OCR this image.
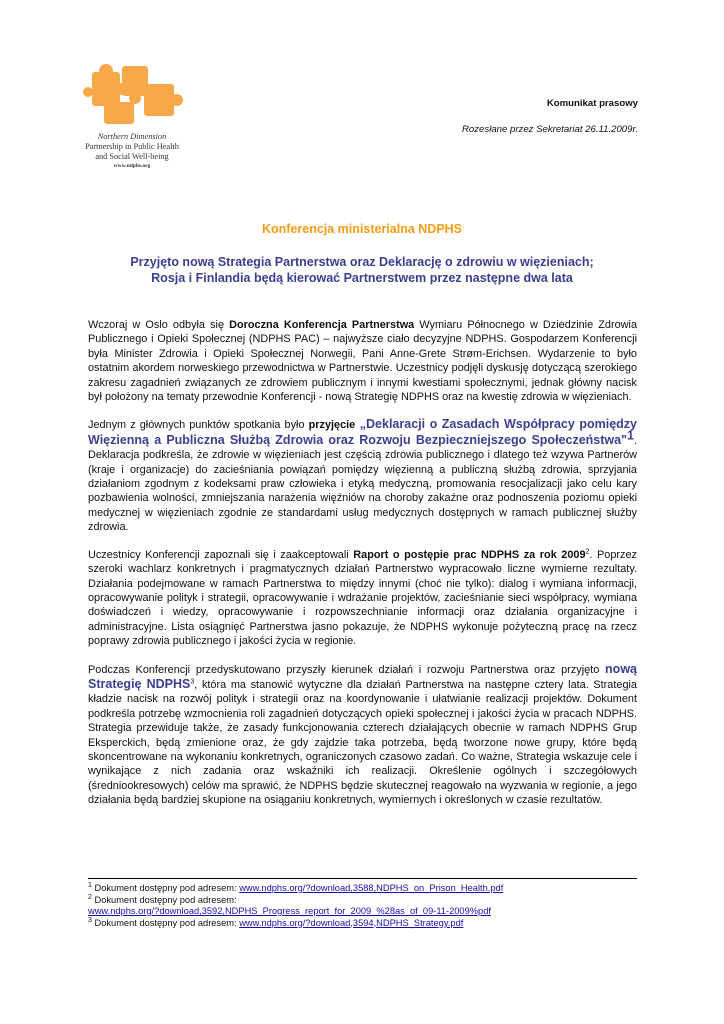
Northern Dimension
Partnership in Public Health
and Social Well-being
www.ndphs.org
Komunikat prasowy
Rozesłane przez Sekretariat 26.11.2009r.
Konferencja ministerialna NDPHS
Przyjęto nową Strategia Partnerstwa oraz Deklarację o zdrowiu w więzieniach;
Rosja i Finlandia będą kierować Partnerstwem przez następne dwa lata

Wczoraj w Oslo odbyła się Doroczna Konferencja Partnerstwa Wymiaru Północnego w Dziedzinie Zdrowia Publicznego i Opieki Społecznej (NDPHS PAC) – najwyższe ciało decyzyjne NDPHS. Gospodarzem Konferencji była Minister Zdrowia i Opieki Społecznej Norwegii, Pani Anne-Grete Strøm-Erichsen. Wydarzenie to było ostatnim akordem norweskiego przewodnictwa w Partnerstwie. Uczestnicy podjęli dyskusję dotyczącą szerokiego zakresu zagadnień związanych ze zdrowiem publicznym i innymi kwestiami społecznymi, jednak główny nacisk był położony na tematy przewodnie Konferencji - nową Strategię NDPHS oraz na kwestię zdrowia w więzieniach.

Jednym z głównych punktów spotkania było przyjęcie „Deklaracji o Zasadach Współpracy pomiędzy Więzienną a Publiczna Służbą Zdrowia oraz Rozwoju Bezpieczniejszego Społeczeństwa"$^1$. Deklaracja podkreśla, że zdrowie w więzieniach jest częścią zdrowia publicznego i dlatego też wzywa Partnerów (kraje i organizacje) do zacieśniania powiązań pomiędzy więzienną a publiczną służbą zdrowia, sprzyjania działaniom zgodnym z kodeksami praw człowieka i etyką medyczną, promowania resocjalizacji jako celu kary pozbawienia wolności, zmniejszania narażenia więźniów na choroby zakaźne oraz podnoszenia poziomu opieki medycznej w więzieniach zgodnie ze standardami usług medycznych dostępnych w ramach publicznej służby zdrowia.

Uczestnicy Konferencji zapoznali się i zaakceptowali Raport o postępie prac NDPHS za rok 2009$^2$. Poprzez szeroki wachlarz konkretnych i pragmatycznych działań Partnerstwo wypracowało liczne wymierne rezultaty. Działania podejmowane w ramach Partnerstwa to między innymi (choć nie tylko): dialog i wymiana informacji, opracowywanie polityk i strategii, opracowywanie i wdrażanie projektów, zacieśnianie sieci współpracy, wymiana doświadczeń i wiedzy, opracowywanie i rozpowszechnianie informacji oraz działania organizacyjne i administracyjne. Lista osiągnięć Partnerstwa jasno pokazuje, że NDPHS wykonuje pożyteczną pracę na rzecz poprawy zdrowia publicznego i jakości życia w regionie.

Podczas Konferencji przedyskutowano przyszły kierunek działań i rozwoju Partnerstwa oraz przyjęto nową Strategię NDPHS$^3$, która ma stanowić wytyczne dla działań Partnerstwa na następne cztery lata. Strategia kładzie nacisk na rozwój polityk i strategii oraz na koordynowanie i ułatwianie realizacji projektów. Dokument podkreśla potrzebę wzmocnienia roli zagadnień dotyczących opieki społecznej i jakości życia w pracach NDPHS. Strategia przewiduje także, że zasady funkcjonowania czterech działających obecnie w ramach NDPHS Grup Eksperckich, będą zmienione oraz, że gdy zajdzie taka potrzeba, będą tworzone nowe grupy, które będą skoncentrowane na wykonaniu konkretnych, ograniczonych czasowo zadań. Co ważne, Strategia wskazuje cele i wynikające z nich zadania oraz wskaźniki ich realizacji. Określenie ogólnych i szczegółowych (średniookresowych) celów ma sprawić, że NDPHS będzie skutecznej reagowało na wyzwania w regionie, a jego działania będą bardziej skupione na osiąganiu konkretnych, wymiernych i określonych w czasie rezultatów.

$^1$ Dokument dostępny pod adresem: www.ndphs.org/?download,3588,NDPHS_on_Prison_Health.pdf
$^2$ Dokument dostępny pod adresem:
www.ndphs.org/?download,3592,NDPHS_Progress_report_for_2009_%28as_of_09-11-2009%pdf
$^3$ Dokument dostępny pod adresem: www.ndphs.org/?download,3594,NDPHS_Strategy.pdf
